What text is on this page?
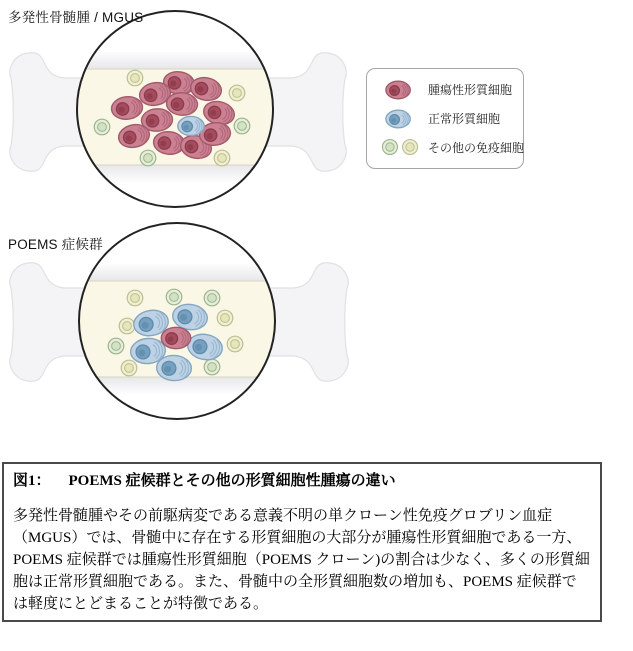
多発性骨髄腫 / MGUS
POEMS 症候群
腫瘍性形質細胞
正常形質細胞
その他の免疫細胞
図1： POEMS 症候群とその他の形質細胞性腫瘍の違い

多発性骨髄腫やその前駆病変である意義不明の単クローン性免疫グロブリン血症（MGUS）では、骨髄中に存在する形質細胞の大部分が腫瘍性形質細胞である一方、POEMS 症候群では腫瘍性形質細胞（POEMS クローン)の割合は少なく、多くの形質細胞は正常形質細胞である。また、骨髄中の全形質細胞数の増加も、POEMS 症候群では軽度にとどまることが特徴である。
